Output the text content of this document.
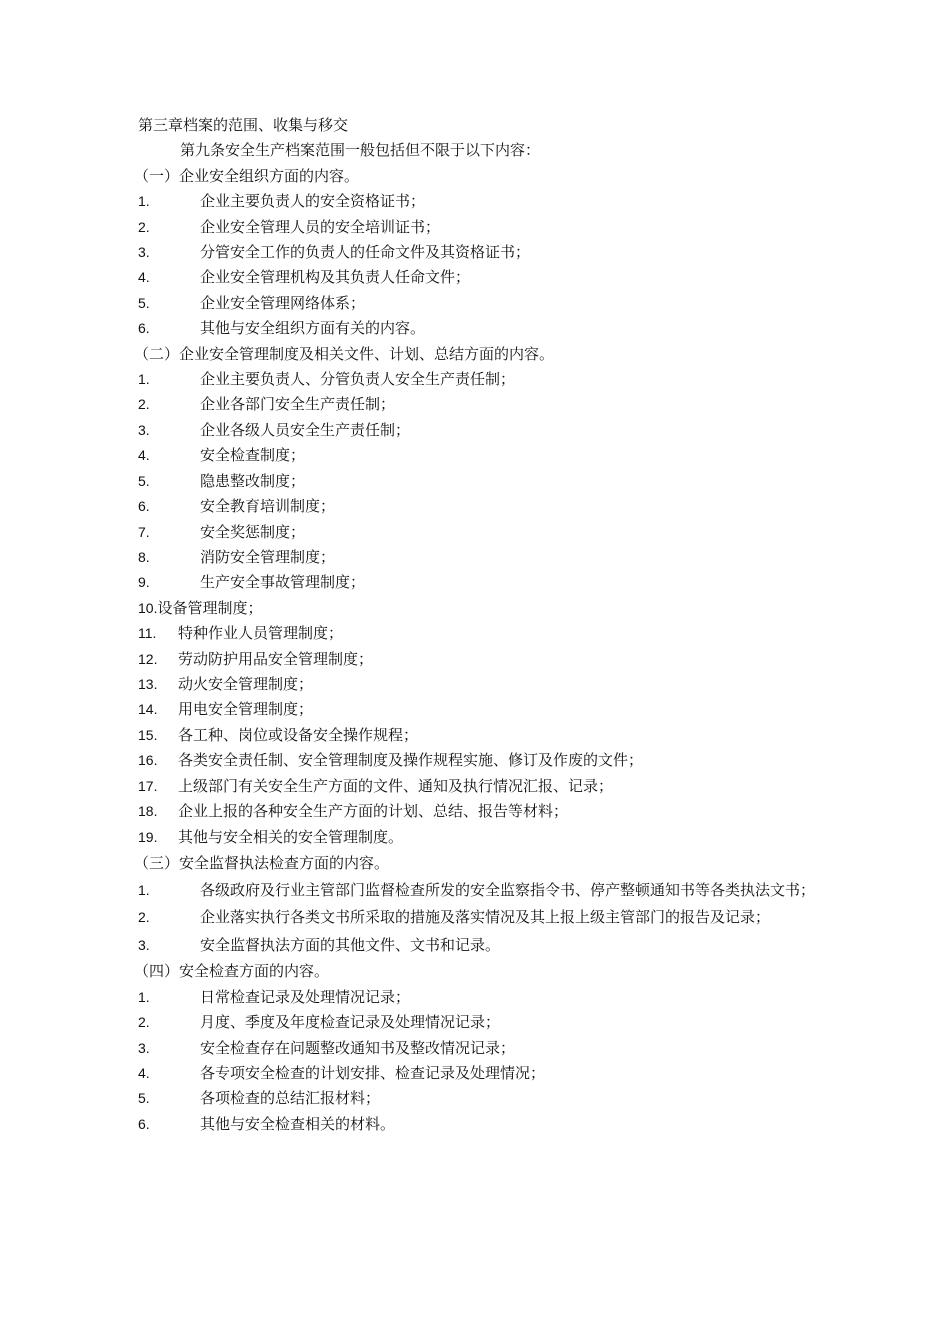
第三章档案的范围、收集与移交
第九条安全生产档案范围一般包括但不限于以下内容：
（一）企业安全组织方面的内容。
1.	企业主要负责人的安全资格证书；
2.	企业安全管理人员的安全培训证书；
3.	分管安全工作的负责人的任命文件及其资格证书；
4.	企业安全管理机构及其负责人任命文件；
5.	企业安全管理网络体系；
6.	其他与安全组织方面有关的内容。
（二）企业安全管理制度及相关文件、计划、总结方面的内容。
1.	企业主要负责人、分管负责人安全生产责任制；
2.	企业各部门安全生产责任制；
3.	企业各级人员安全生产责任制；
4.	安全检查制度；
5.	隐患整改制度；
6.	安全教育培训制度；
7.	安全奖惩制度；
8.	消防安全管理制度；
9.	生产安全事故管理制度；
10. 设备管理制度；
11.	特种作业人员管理制度；
12.	劳动防护用品安全管理制度；
13.	动火安全管理制度；
14.	用电安全管理制度；
15.	各工种、岗位或设备安全操作规程；
16.	各类安全责任制、安全管理制度及操作规程实施、修订及作废的文件；
17.	上级部门有关安全生产方面的文件、通知及执行情况汇报、记录；
18.	企业上报的各种安全生产方面的计划、总结、报告等材料；
19.	其他与安全相关的安全管理制度。
（三）安全监督执法检查方面的内容。
1.	各级政府及行业主管部门监督检查所发的安全监察指令书、停产整顿通知书等各类执法文书；
2.	企业落实执行各类文书所采取的措施及落实情况及其上报上级主管部门的报告及记录；
3.	安全监督执法方面的其他文件、文书和记录。
（四）安全检查方面的内容。
1.	日常检查记录及处理情况记录；
2.	月度、季度及年度检查记录及处理情况记录；
3.	安全检查存在问题整改通知书及整改情况记录；
4.	各专项安全检查的计划安排、检查记录及处理情况；
5.	各项检查的总结汇报材料；
6.	其他与安全检查相关的材料。
